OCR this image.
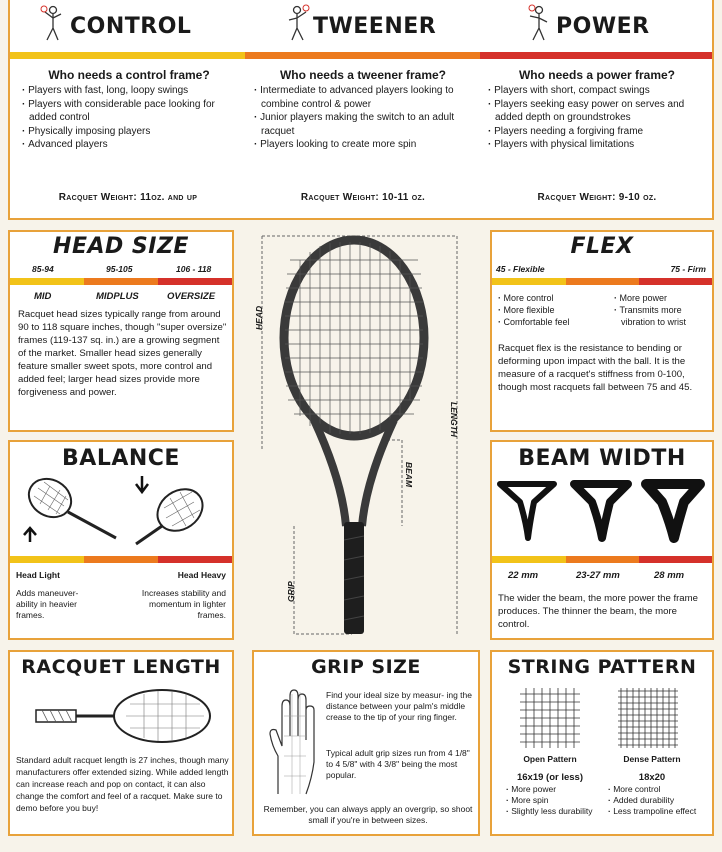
CONTROL	TWEENER	POWER
Who needs a control frame?
· Players with fast, long, loopy swings
· Players with considerable pace looking for added control
· Physically imposing players
· Advanced players
Racquet Weight: 11oz. and up
Who needs a tweener frame?
· Intermediate to advanced players looking to combine control & power
· Junior players making the switch to an adult racquet
· Players looking to create more spin
Racquet Weight: 10-11 oz.
Who needs a power frame?
· Players with short, compact swings
· Players seeking easy power on serves and added depth on groundstrokes
· Players needing a forgiving frame
· Players with physical limitations
Racquet Weight: 9-10 oz.
HEAD SIZE
85-94	95-105	106 - 118
MID	MIDPLUS	OVERSIZE
Racquet head sizes typically range from around 90 to 118 square inches, though "super oversize" frames (119-137 sq. in.) are a growing segment of the market. Smaller head sizes generally feature smaller sweet spots, more control and added feel; larger head sizes provide more forgiveness and power.
BALANCE
Head Light	Head Heavy
Adds maneuver- ability in heavier frames.
Increases stability and momentum in lighter frames.
HEAD
LENGTH
BEAM
GRIP
FLEX
45 - Flexible	75 - Firm
· More control
· More flexible
· Comfortable feel
· More power
· Transmits more vibration to wrist
Racquet flex is the resistance to bending or deforming upon impact with the ball. It is the measure of a racquet's stiffness from 0-100, though most racquets fall between 75 and 45.
BEAM WIDTH
22 mm	23-27 mm	28 mm
The wider the beam, the more power the frame produces. The thinner the beam, the more control.
RACQUET LENGTH
Standard adult racquet length is 27 inches, though many manufacturers offer extended sizing. While added length can increase reach and pop on contact, it can also change the comfort and feel of a racquet. Make sure to demo before you buy!
GRIP SIZE
Find your ideal size by measur- ing the distance between your palm's middle crease to the tip of your ring finger.
Typical adult grip sizes run from 4 1/8" to 4 5/8" with 4 3/8" being the most popular.
Remember, you can always apply an overgrip, so shoot small if you're in between sizes.
STRING PATTERN
Open Pattern	Dense Pattern
16x19 (or less)	18x20
· More power
· More spin
· Slightly less durability
· More control
· Added durability
· Less trampoline effect
